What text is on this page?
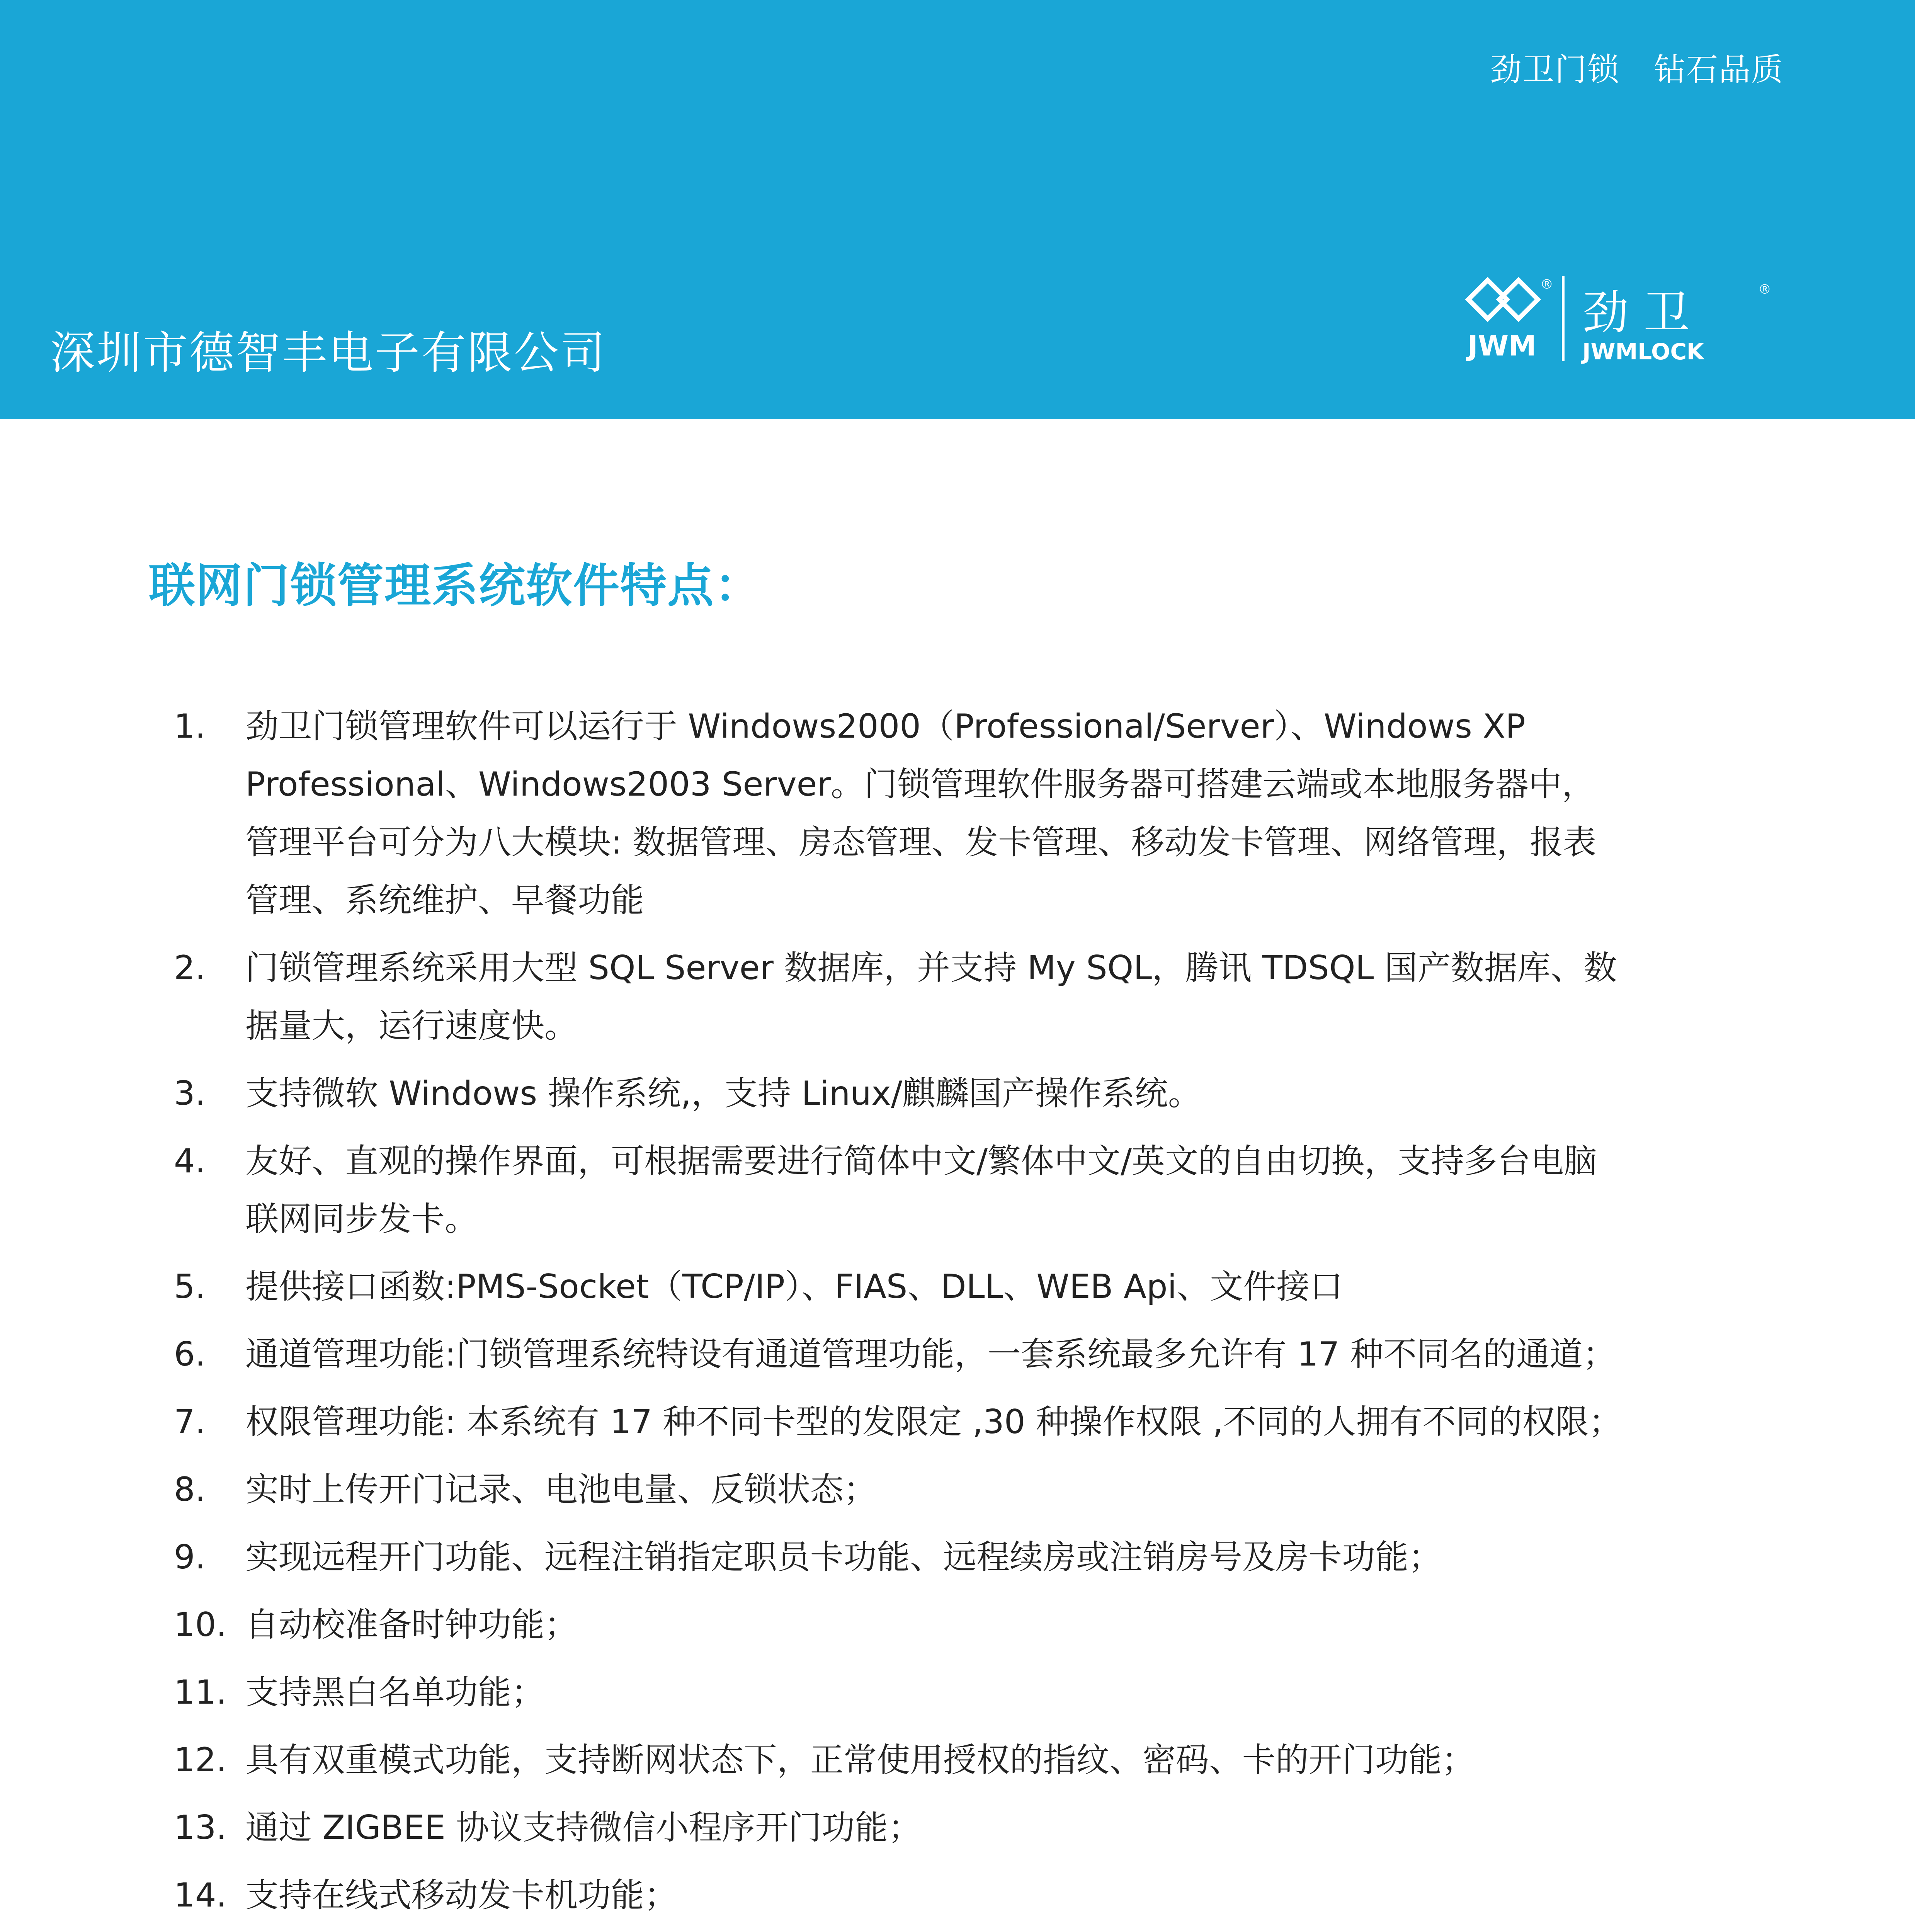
劲卫门锁 钻石品质
深圳市德智丰电子有限公司
®
JWM
劲 卫	®
JWMLOCK
联网门锁管理系统软件特点：
1. 劲卫门锁管理软件可以运行于 Windows2000（Professional/Server）、Windows XP Professional、Windows2003 Server。门锁管理软件服务器可搭建云端或本地服务器中，管理平台可分为八大模块: 数据管理、房态管理、发卡管理、移动发卡管理、网络管理，报表管理、系统维护、早餐功能
2. 门锁管理系统采用大型 SQL Server 数据库，并支持 My SQL，腾讯 TDSQL 国产数据库、数据量大，运行速度快。
3. 支持微软 Windows 操作系统,，支持 Linux/麒麟国产操作系统。
4. 友好、直观的操作界面，可根据需要进行简体中文/繁体中文/英文的自由切换，支持多台电脑联网同步发卡。
5. 提供接口函数:PMS-Socket（TCP/IP）、FIAS、DLL、WEB Api、文件接口
6. 通道管理功能:门锁管理系统特设有通道管理功能，一套系统最多允许有 17 种不同名的通道；
7. 权限管理功能: 本系统有 17 种不同卡型的发限定 ,30 种操作权限 ,不同的人拥有不同的权限；
8. 实时上传开门记录、电池电量、反锁状态；
9. 实现远程开门功能、远程注销指定职员卡功能、远程续房或注销房号及房卡功能；
10. 自动校准备时钟功能；
11. 支持黑白名单功能；
12. 具有双重模式功能，支持断网状态下，正常使用授权的指纹、密码、卡的开门功能；
13. 通过 ZIGBEE 协议支持微信小程序开门功能；
14. 支持在线式移动发卡机功能；
